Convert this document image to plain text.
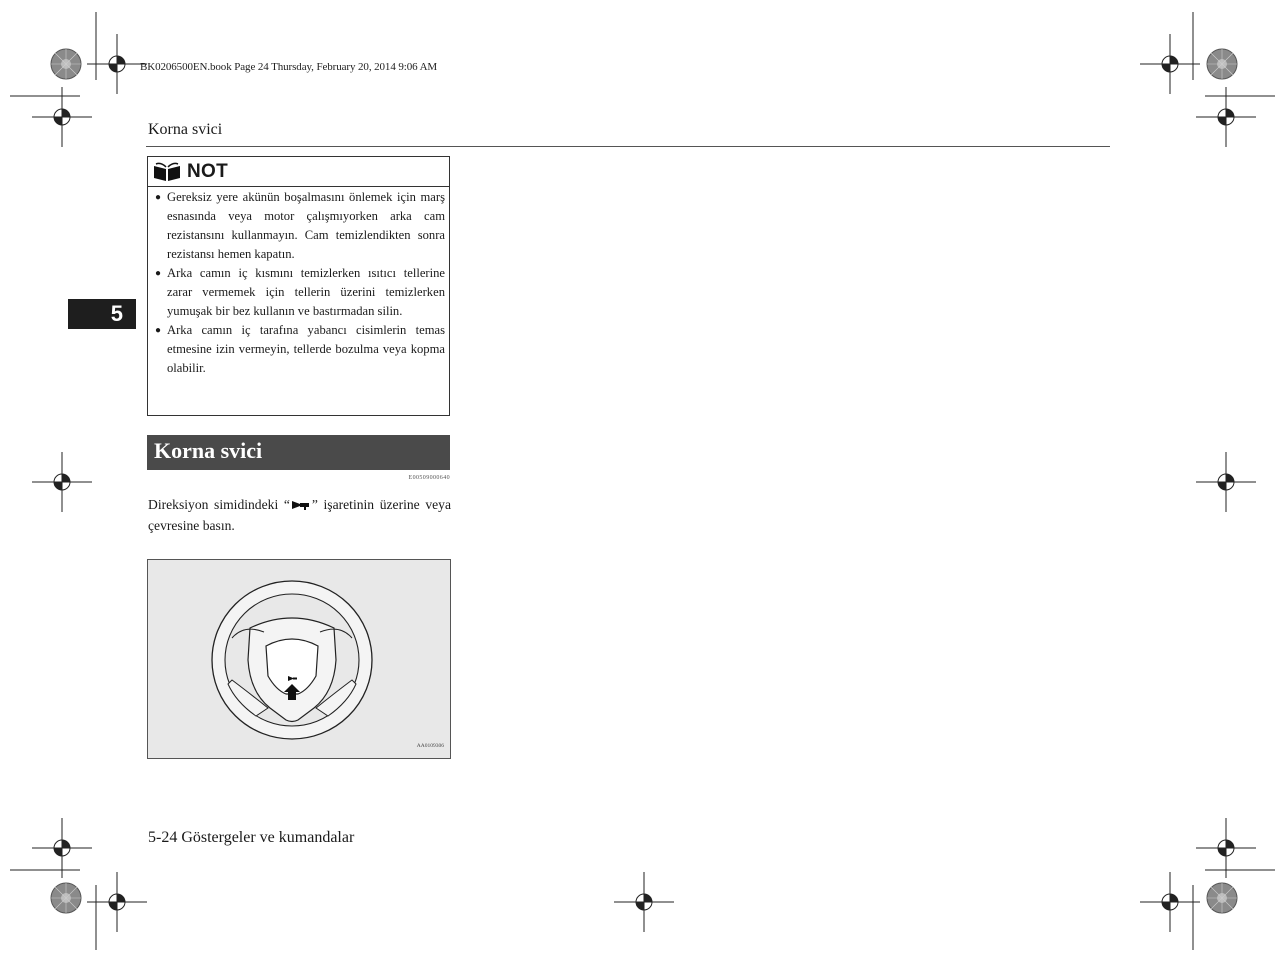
BK0206500EN.book Page 24 Thursday, February 20, 2014 9:06 AM
Korna svici
5
NOT
● Gereksiz yere akünün boşalmasını önlemek için marş esnasında veya motor çalışmıyorken arka cam rezistansını kullanmayın. Cam temizlendikten sonra rezistansı hemen kapatın.
● Arka camın iç kısmını temizlerken ısıtıcı tellerine zarar vermemek için tellerin üzerini temizlerken yumuşak bir bez kullanın ve bastırmadan silin.
● Arka camın iç tarafına yabancı cisimlerin temas etmesine izin vermeyin, tellerde bozulma veya kopma olabilir.
Korna svici
E00509000640
Direksiyon simidindeki “ ” işaretinin üzerine veya çevresine basın.
AA0109306
5-24 Göstergeler ve kumandalar
